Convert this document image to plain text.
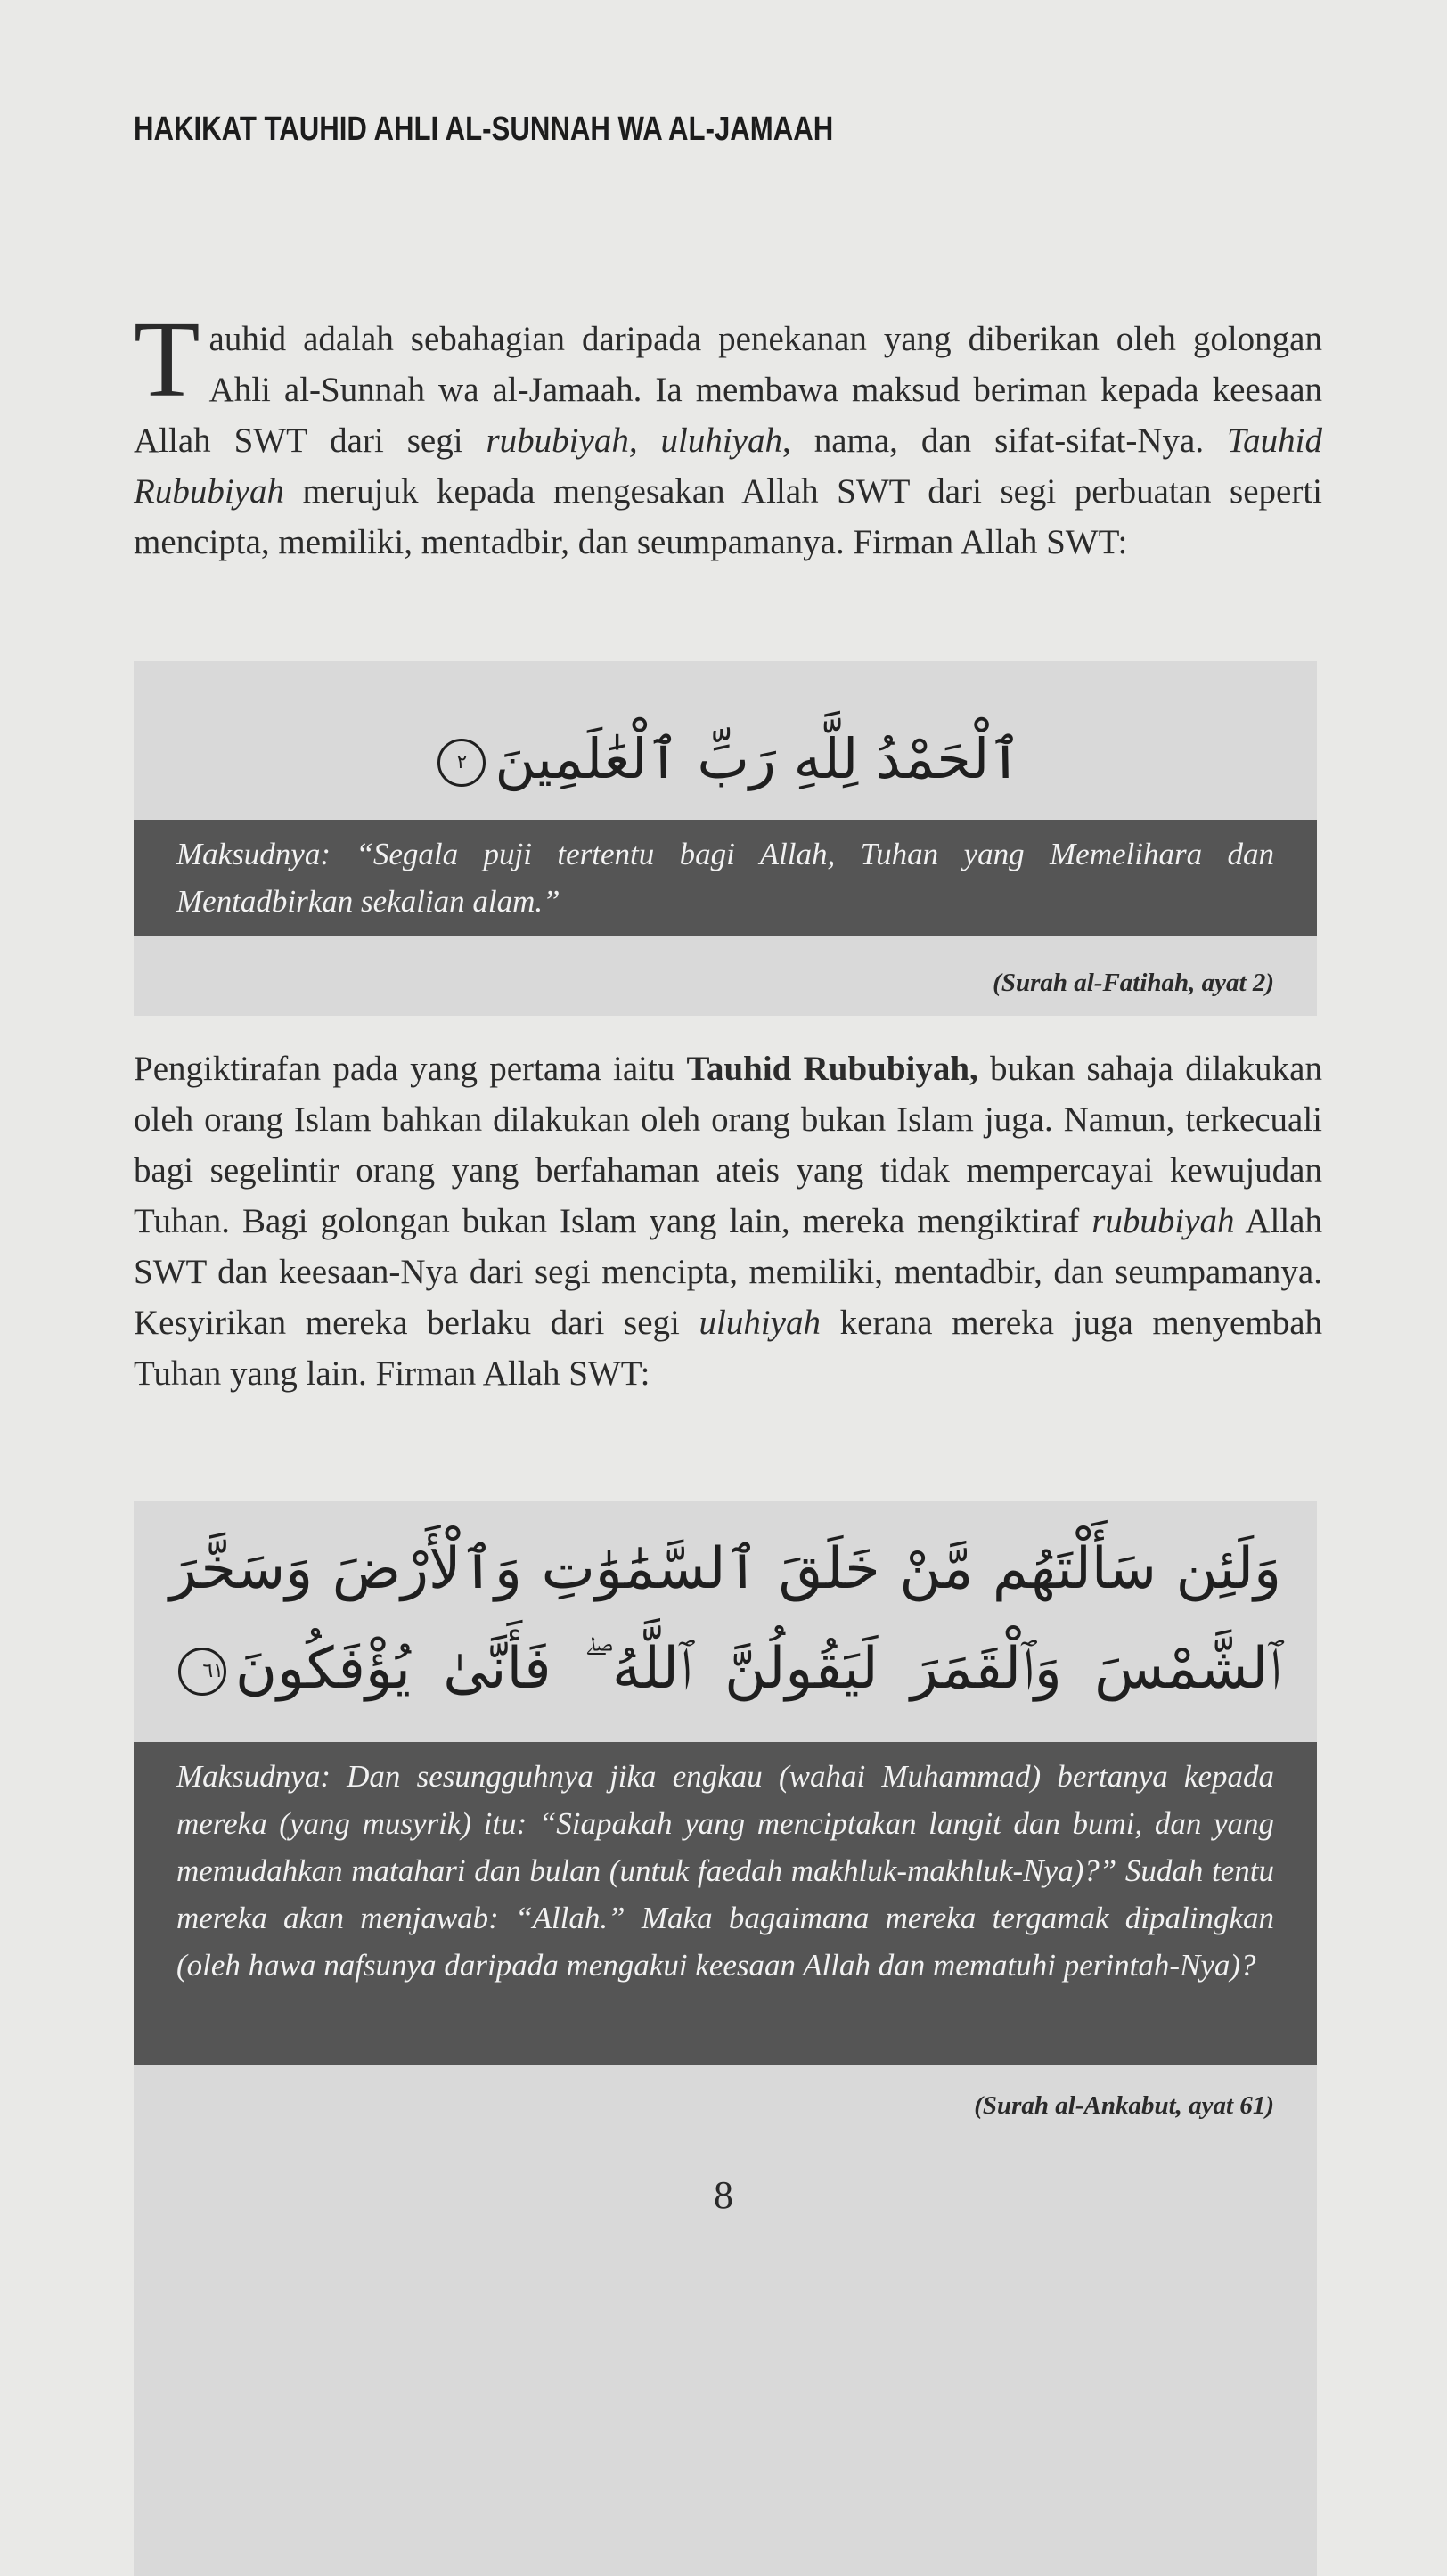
HAKIKAT TAUHID AHLI AL-SUNNAH WA AL-JAMAAH

Tauhid adalah sebahagian daripada penekanan yang diberikan oleh golongan Ahli al-Sunnah wa al-Jamaah. Ia membawa maksud beriman kepada keesaan Allah SWT dari segi rububiyah, uluhiyah, nama, dan sifat-sifat-Nya. Tauhid Rububiyah merujuk kepada mengesakan Allah SWT dari segi perbuatan seperti mencipta, memiliki, mentadbir, dan seumpamanya. Firman Allah SWT:

ٱلْحَمْدُ لِلَّهِ رَبِّ ٱلْعَٰلَمِينَ٢

Maksudnya: “Segala puji tertentu bagi Allah, Tuhan yang Memelihara dan Mentadbirkan sekalian alam.”
(Surah al-Fatihah, ayat 2)

Pengiktirafan pada yang pertama iaitu Tauhid Rububiyah, bukan sahaja dilakukan oleh orang Islam bahkan dilakukan oleh orang bukan Islam juga. Namun, terkecuali bagi segelintir orang yang berfahaman ateis yang tidak mempercayai kewujudan Tuhan. Bagi golongan bukan Islam yang lain, mereka mengiktiraf rububiyah Allah SWT dan keesaan-Nya dari segi mencipta, memiliki, mentadbir, dan seumpamanya. Kesyirikan mereka berlaku dari segi uluhiyah kerana mereka juga menyembah Tuhan yang lain. Firman Allah SWT:

وَلَئِن سَأَلْتَهُم مَّنْ خَلَقَ ٱلسَّمَٰوَٰتِ وَٱلْأَرْضَ وَسَخَّرَ
ٱلشَّمْسَ وَٱلْقَمَرَ لَيَقُولُنَّ ٱللَّهُ ۖ فَأَنَّىٰ يُؤْفَكُونَ٦١

Maksudnya: Dan sesungguhnya jika engkau (wahai Muhammad) bertanya kepada mereka (yang musyrik) itu: “Siapakah yang menciptakan langit dan bumi, dan yang memudahkan matahari dan bulan (untuk faedah makhluk-makhluk-Nya)?” Sudah tentu mereka akan menjawab: “Allah.” Maka bagaimana mereka tergamak dipalingkan (oleh hawa nafsunya daripada mengakui keesaan Allah dan mematuhi perintah-Nya)?
(Surah al-Ankabut, ayat 61)
8
